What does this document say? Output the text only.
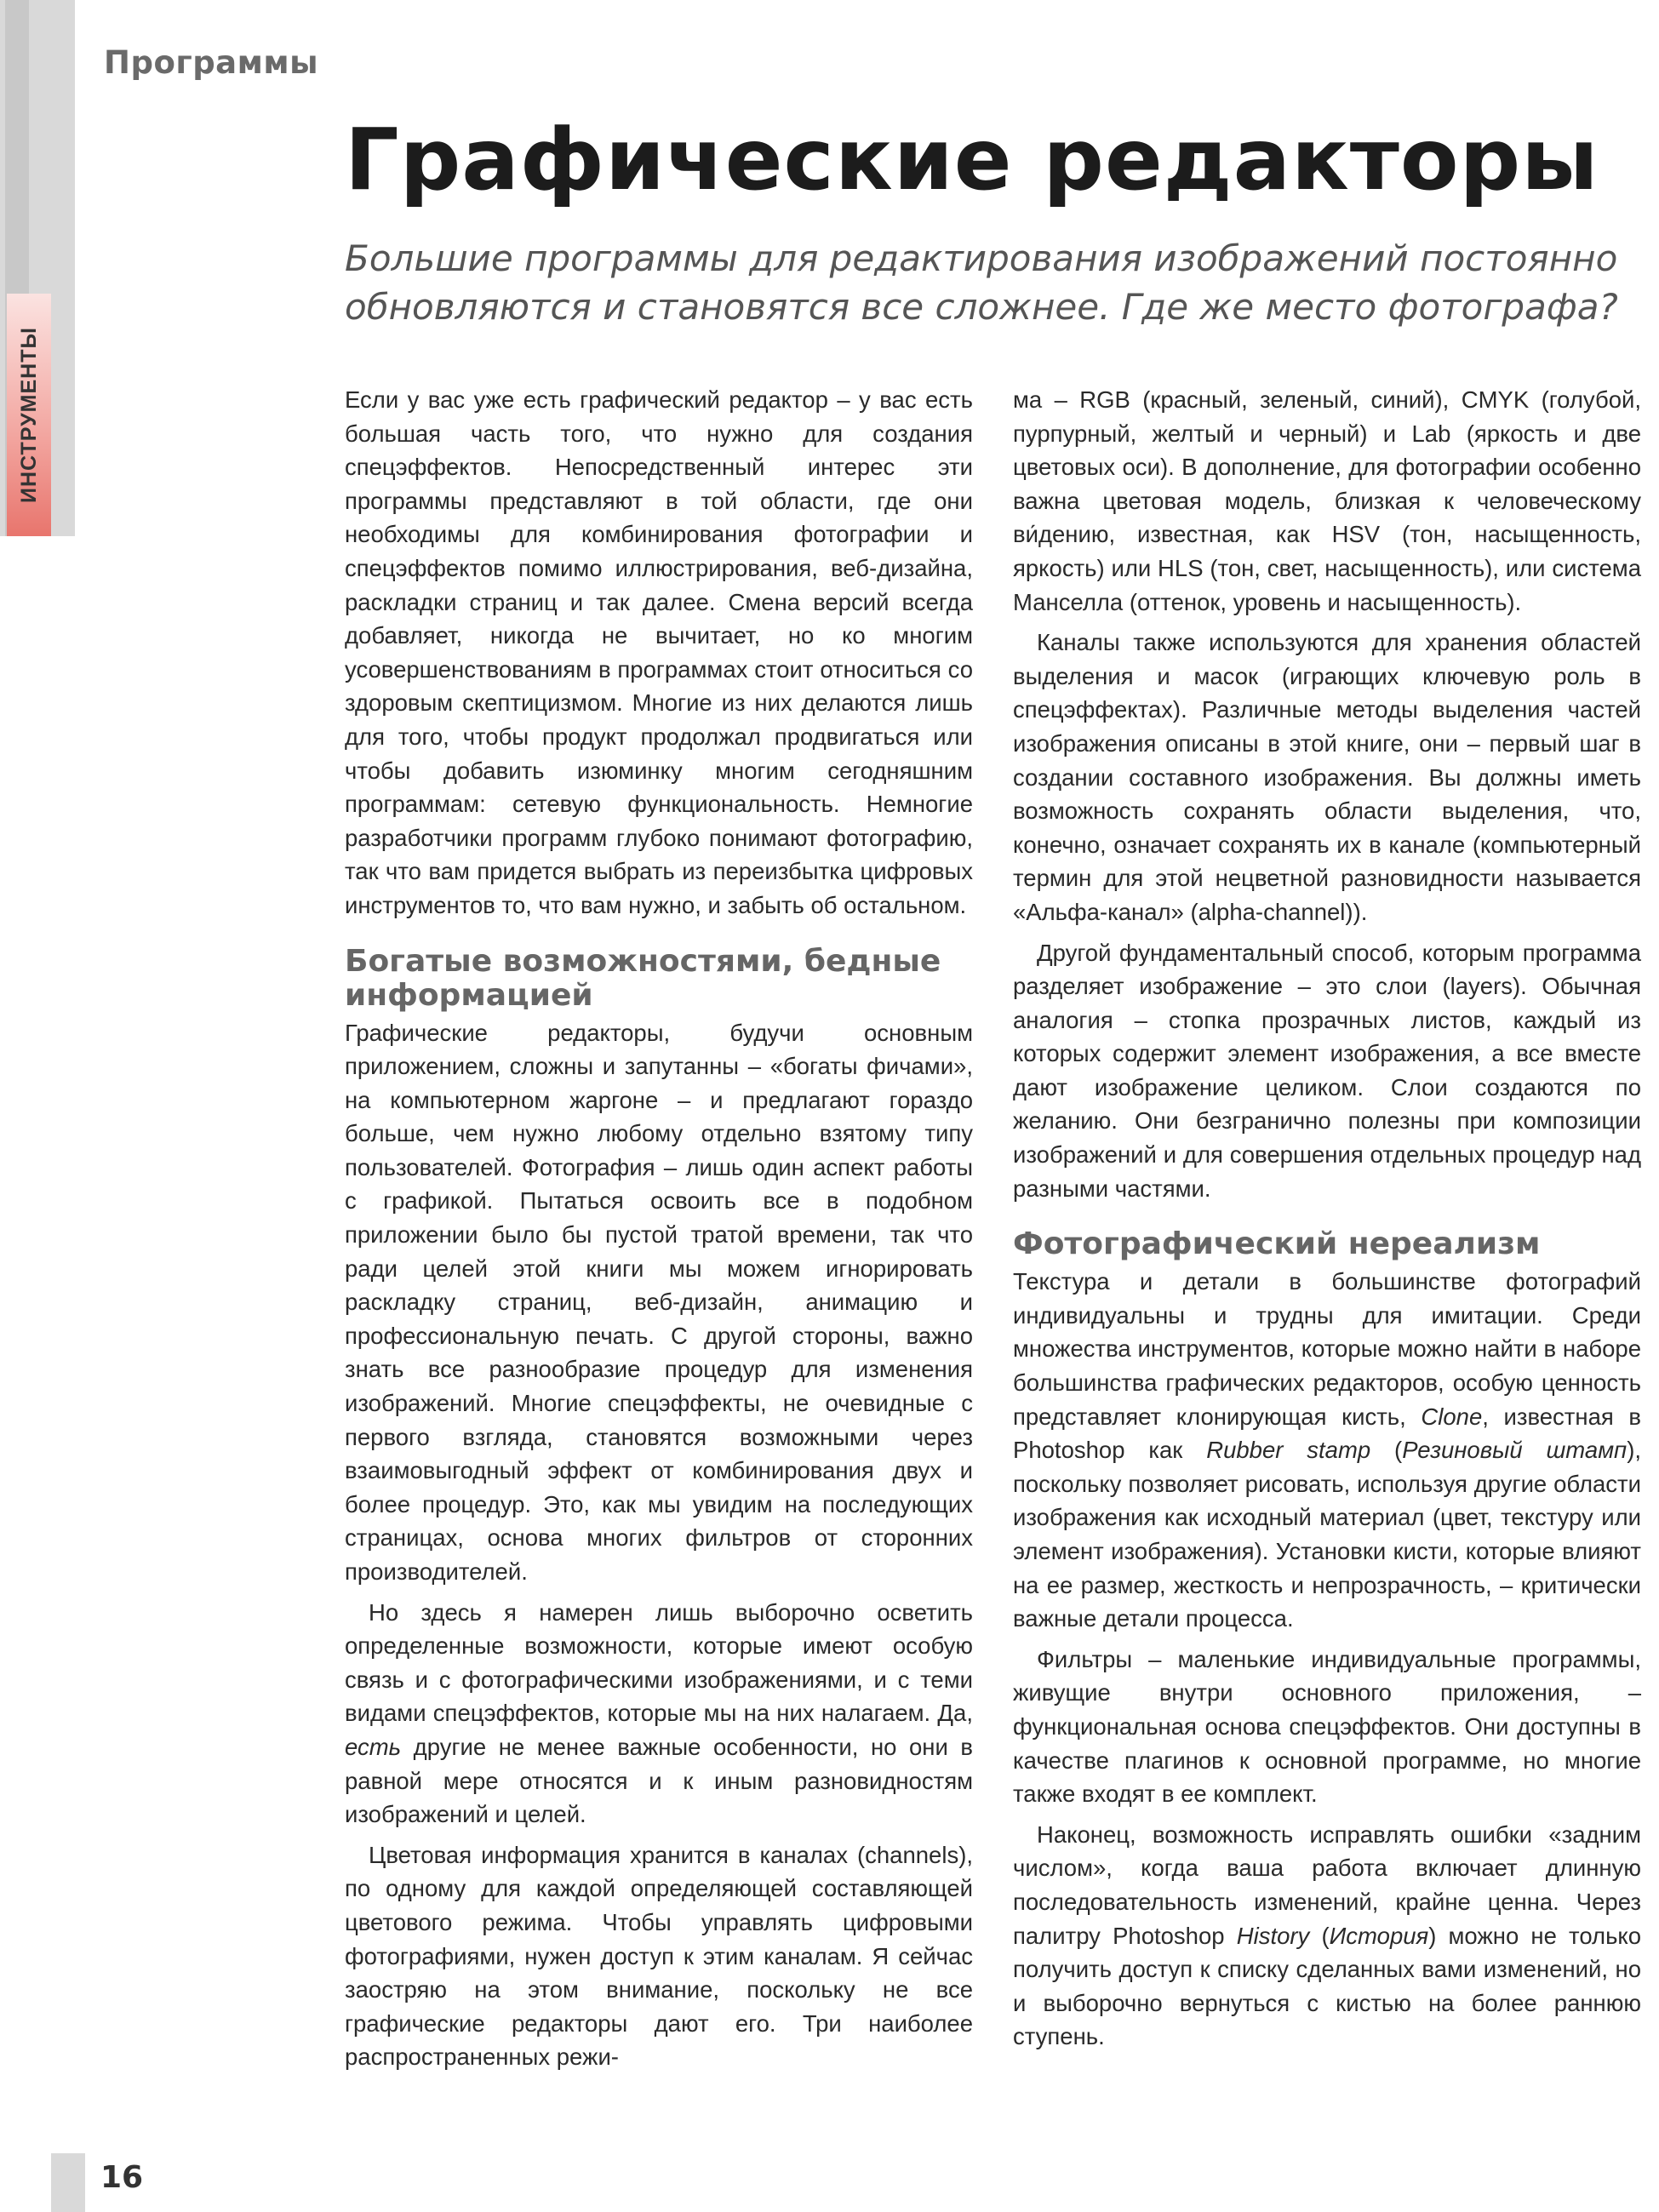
ИНСТРУМЕНТЫ
Программы
Графические редакторы

Большие программы для редактирования изображений постоянно обновляются и становятся все сложнее. Где же место фотографа?

Если у вас уже есть графический редактор – у вас есть большая часть того, что нужно для создания спецэффектов. Непосредственный интерес эти программы представляют в той области, где они необходимы для комбинирования фотографии и спецэффектов помимо иллюстрирования, веб-дизайна, раскладки страниц и так далее. Смена версий всегда добавляет, никогда не вычитает, но ко многим усовершенствованиям в программах стоит относиться со здоровым скептицизмом. Многие из них делаются лишь для того, чтобы продукт продолжал продвигаться или чтобы добавить изюминку многим сегодняшним программам: сетевую функциональность. Немногие разработчики программ глубоко понимают фотографию, так что вам придется выбрать из переизбытка цифровых инструментов то, что вам нужно, и забыть об остальном.

Богатые возможностями, бедные информацией

Графические редакторы, будучи основным приложением, сложны и запутанны – «богаты фичами», на компьютерном жаргоне – и предлагают гораздо больше, чем нужно любому отдельно взятому типу пользователей. Фотография – лишь один аспект работы с графикой. Пытаться освоить все в подобном приложении было бы пустой тратой времени, так что ради целей этой книги мы можем игнорировать раскладку страниц, веб-дизайн, анимацию и профессиональную печать. С другой стороны, важно знать все разнообразие процедур для изменения изображений. Многие спецэффекты, не очевидные с первого взгляда, становятся возможными через взаимовыгодный эффект от комбинирования двух и более процедур. Это, как мы увидим на последующих страницах, основа многих фильтров от сторонних производителей.

Но здесь я намерен лишь выборочно осветить определенные возможности, которые имеют особую связь и с фотографическими изображениями, и с теми видами спецэффектов, которые мы на них налагаем. Да, есть другие не менее важные особенности, но они в равной мере относятся и к иным разновидностям изображений и целей.

Цветовая информация хранится в каналах (channels), по одному для каждой определяющей составляющей цветового режима. Чтобы управлять цифровыми фотографиями, нужен доступ к этим каналам. Я сейчас заостряю на этом внимание, поскольку не все графические редакторы дают его. Три наиболее распространенных режи-

ма – RGB (красный, зеленый, синий), CMYK (голубой, пурпурный, желтый и черный) и Lab (яркость и две цветовых оси). В дополнение, для фотографии особенно важна цветовая модель, близкая к человеческому ви́дению, известная, как HSV (тон, насыщенность, яркость) или HLS (тон, свет, насыщенность), или система Манселла (оттенок, уровень и насыщенность).

Каналы также используются для хранения областей выделения и масок (играющих ключевую роль в спецэффектах). Различные методы выделения частей изображения описаны в этой книге, они – первый шаг в создании составного изображения. Вы должны иметь возможность сохранять области выделения, что, конечно, означает сохранять их в канале (компьютерный термин для этой нецветной разновидности называется «Альфа-канал» (alpha-channel)).

Другой фундаментальный способ, которым программа разделяет изображение – это слои (layers). Обычная аналогия – стопка прозрачных листов, каждый из которых содержит элемент изображения, а все вместе дают изображение целиком. Слои создаются по желанию. Они безгранично полезны при композиции изображений и для совершения отдельных процедур над разными частями.

Фотографический нереализм

Текстура и детали в большинстве фотографий индивидуальны и трудны для имитации. Среди множества инструментов, которые можно найти в наборе большинства графических редакторов, особую ценность представляет клонирующая кисть, Clone, известная в Photoshop как Rubber stamp (Резиновый штамп), поскольку позволяет рисовать, используя другие области изображения как исходный материал (цвет, текстуру или элемент изображения). Установки кисти, которые влияют на ее размер, жесткость и непрозрачность, – критически важные детали процесса.

Фильтры – маленькие индивидуальные программы, живущие внутри основного приложения, – функциональная основа спецэффектов. Они доступны в качестве плагинов к основной программе, но многие также входят в ее комплект.

Наконец, возможность исправлять ошибки «задним числом», когда ваша работа включает длинную последовательность изменений, крайне ценна. Через палитру Photoshop History (История) можно не только получить доступ к списку сделанных вами изменений, но и выборочно вернуться с кистью на более раннюю ступень.

16
